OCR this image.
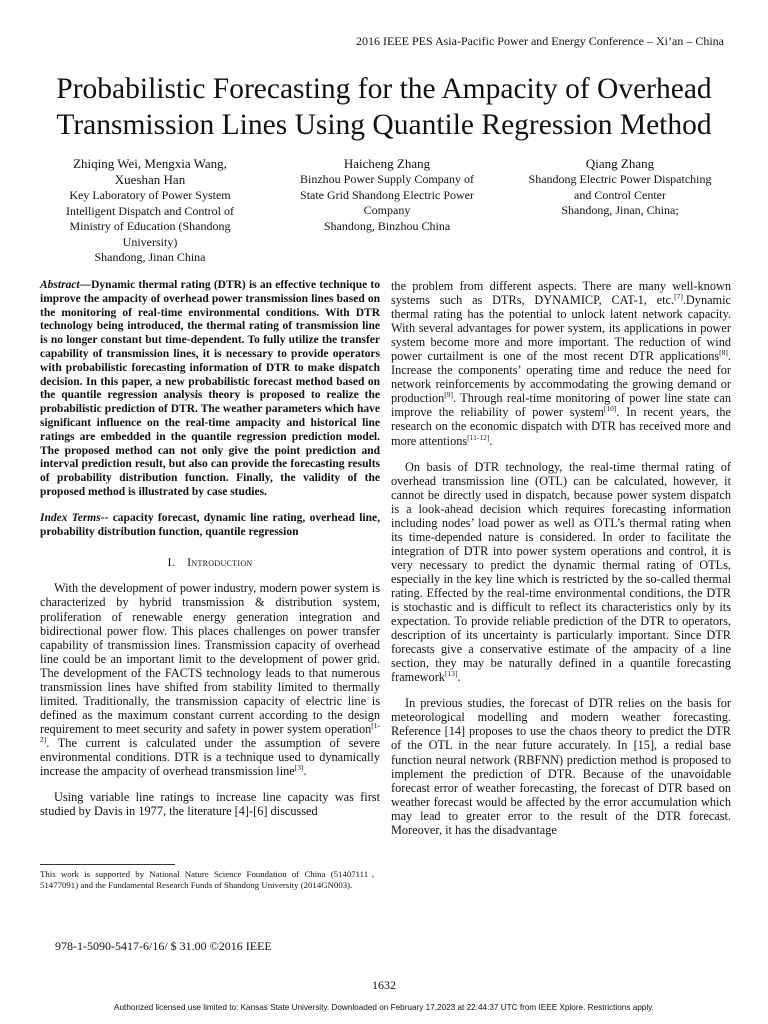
2016 IEEE PES Asia-Pacific Power and Energy Conference – Xi’an – China
Probabilistic Forecasting for the Ampacity of Overhead
Transmission Lines Using Quantile Regression Method
Zhiqing Wei, Mengxia Wang,
Xueshan Han
Key Laboratory of Power System
Intelligent Dispatch and Control of
Ministry of Education (Shandong
University)
Shandong, Jinan China
Haicheng Zhang
Binzhou Power Supply Company of
State Grid Shandong Electric Power
Company
Shandong, Binzhou China
Qiang Zhang
Shandong Electric Power Dispatching
and Control Center
Shandong, Jinan, China;

Abstract—Dynamic thermal rating (DTR) is an effective technique to improve the ampacity of overhead power transmission lines based on the monitoring of real-time environmental conditions. With DTR technology being introduced, the thermal rating of transmission line is no longer constant but time-dependent. To fully utilize the transfer capability of transmission lines, it is necessary to provide operators with probabilistic forecasting information of DTR to make dispatch decision. In this paper, a new probabilistic forecast method based on the quantile regression analysis theory is proposed to realize the probabilistic prediction of DTR. The weather parameters which have significant influence on the real-time ampacity and historical line ratings are embedded in the quantile regression prediction model. The proposed method can not only give the point prediction and interval prediction result, but also can provide the forecasting results of probability distribution function. Finally, the validity of the proposed method is illustrated by case studies.

Index Terms-- capacity forecast, dynamic line rating, overhead line, probability distribution function, quantile regression

I. Introduction

With the development of power industry, modern power system is characterized by hybrid transmission & distribution system, proliferation of renewable energy generation integration and bidirectional power flow. This places challenges on power transfer capability of transmission lines. Transmission capacity of overhead line could be an important limit to the development of power grid. The development of the FACTS technology leads to that numerous transmission lines have shifted from stability limited to thermally limited. Traditionally, the transmission capacity of electric line is defined as the maximum constant current according to the design requirement to meet security and safety in power system operation[1-2]. The current is calculated under the assumption of severe environmental conditions. DTR is a technique used to dynamically increase the ampacity of overhead transmission line[3].

Using variable line ratings to increase line capacity was first studied by Davis in 1977, the literature [4]-[6] discussed

the problem from different aspects. There are many well-known systems such as DTRs, DYNAMICP, CAT-1, etc.[7].Dynamic thermal rating has the potential to unlock latent network capacity. With several advantages for power system, its applications in power system become more and more important. The reduction of wind power curtailment is one of the most recent DTR applications[8]. Increase the components’ operating time and reduce the need for network reinforcements by accommodating the growing demand or production[9]. Through real-time monitoring of power line state can improve the reliability of power system[10]. In recent years, the research on the economic dispatch with DTR has received more and more attentions[11-12].

On basis of DTR technology, the real-time thermal rating of overhead transmission line (OTL) can be calculated, however, it cannot be directly used in dispatch, because power system dispatch is a look-ahead decision which requires forecasting information including nodes’ load power as well as OTL’s thermal rating when its time-depended nature is considered. In order to facilitate the integration of DTR into power system operations and control, it is very necessary to predict the dynamic thermal rating of OTLs, especially in the key line which is restricted by the so-called thermal rating. Effected by the real-time environmental conditions, the DTR is stochastic and is difficult to reflect its characteristics only by its expectation. To provide reliable prediction of the DTR to operators, description of its uncertainty is particularly important. Since DTR forecasts give a conservative estimate of the ampacity of a line section, they may be naturally defined in a quantile forecasting framework[13].

In previous studies, the forecast of DTR relies on the basis for meteorological modelling and modern weather forecasting. Reference [14] proposes to use the chaos theory to predict the DTR of the OTL in the near future accurately. In [15], a redial base function neural network (RBFNN) prediction method is proposed to implement the prediction of DTR. Because of the unavoidable forecast error of weather forecasting, the forecast of DTR based on weather forecast would be affected by the error accumulation which may lead to greater error to the result of the DTR forecast. Moreover, it has the disadvantage

This work is supported by National Nature Science Foundation of China (51407111、51477091) and the Fundamental Research Funds of Shandong University (2014GN003).
978-1-5090-5417-6/16/ $ 31.00 ©2016 IEEE
1632
Authorized licensed use limited to: Kansas State University. Downloaded on February 17,2023 at 22:44:37 UTC from IEEE Xplore. Restrictions apply.
